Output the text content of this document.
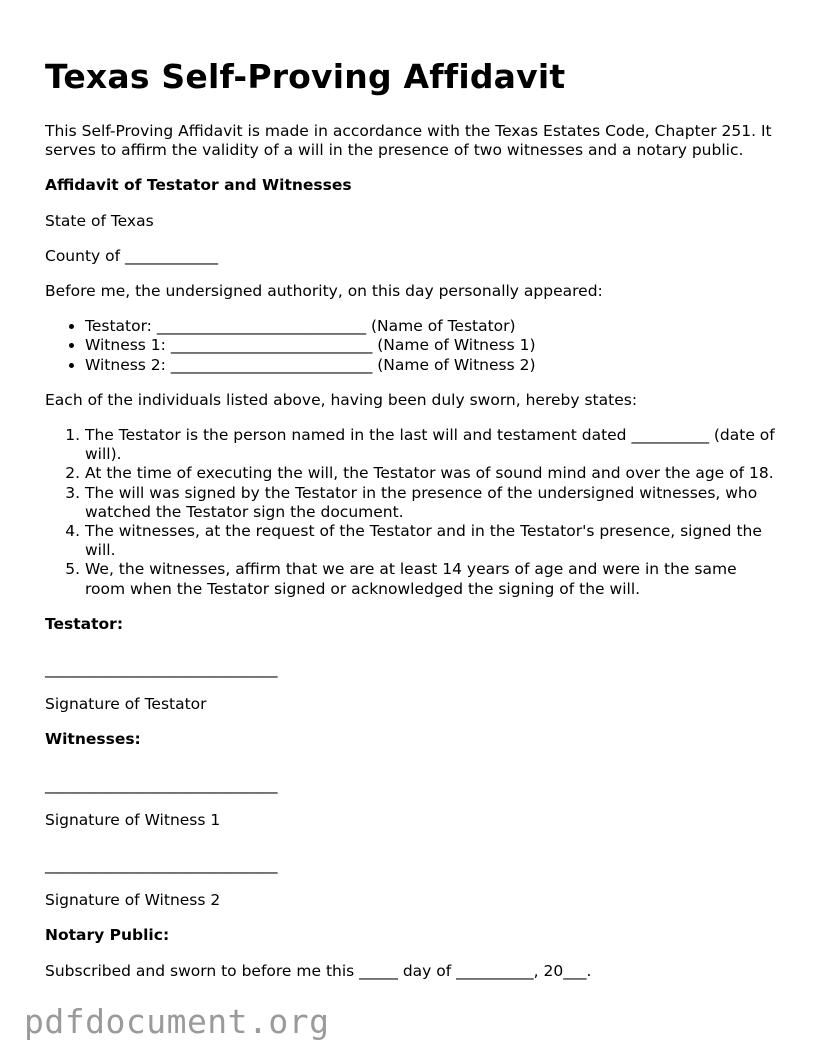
Texas Self-Proving Affidavit

This Self-Proving Affidavit is made in accordance with the Texas Estates Code, Chapter 251. It serves to affirm the validity of a will in the presence of two witnesses and a notary public.

Affidavit of Testator and Witnesses

State of Texas

County of ____________

Before me, the undersigned authority, on this day personally appeared:

• Testator: ___________________________ (Name of Testator)
• Witness 1: __________________________ (Name of Witness 1)
• Witness 2: __________________________ (Name of Witness 2)

Each of the individuals listed above, having been duly sworn, hereby states:

1. The Testator is the person named in the last will and testament dated __________ (date of will).
2. At the time of executing the will, the Testator was of sound mind and over the age of 18.
3. The will was signed by the Testator in the presence of the undersigned witnesses, who watched the Testator sign the document.
4. The witnesses, at the request of the Testator and in the Testator's presence, signed the will.
5. We, the witnesses, affirm that we are at least 14 years of age and were in the same room when the Testator signed or acknowledged the signing of the will.

Testator:

______________________________

Signature of Testator

Witnesses:

______________________________

Signature of Witness 1

______________________________

Signature of Witness 2

Notary Public:

Subscribed and sworn to before me this _____ day of __________, 20___.

pdfdocument.org
